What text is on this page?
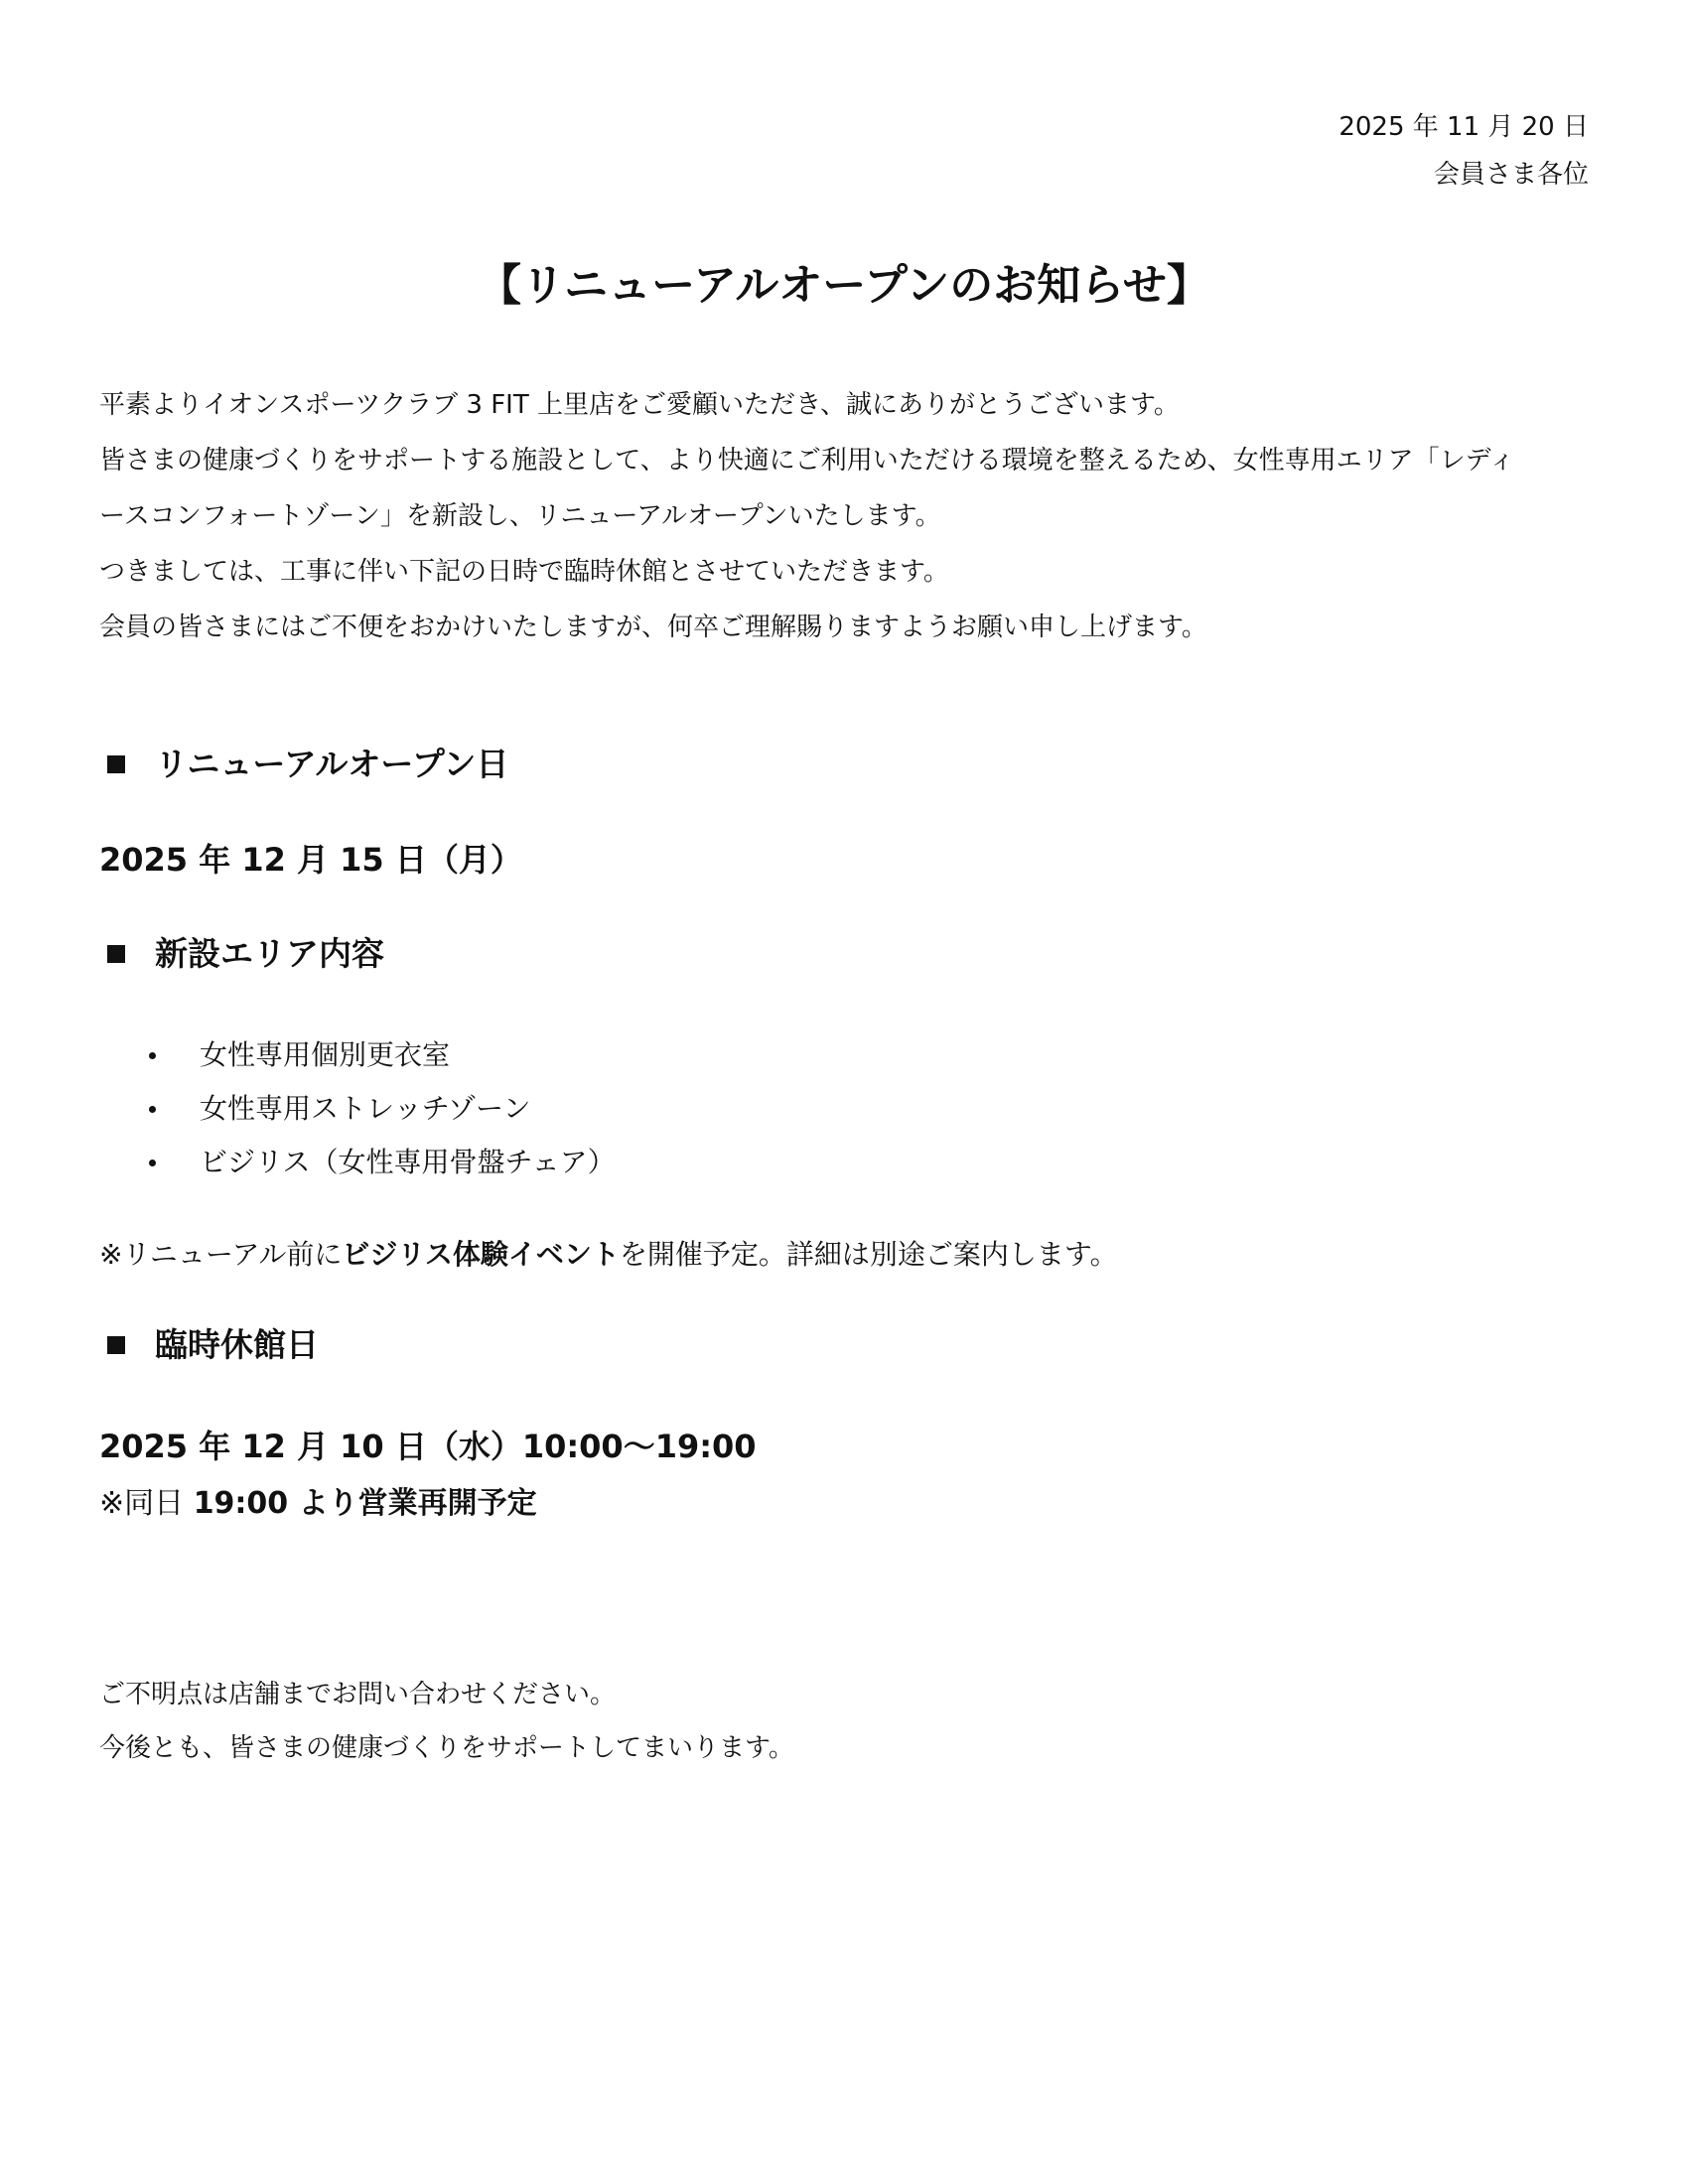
2025 年 11 月 20 日
会員さま各位
【リニューアルオープンのお知らせ】

平素よりイオンスポーツクラブ 3 FIT 上里店をご愛顧いただき、誠にありがとうございます。

皆さまの健康づくりをサポートする施設として、より快適にご利用いただける環境を整えるため、女性専用エリア「レディ

ースコンフォートゾーン」を新設し、リニューアルオープンいたします。

つきましては、工事に伴い下記の日時で臨時休館とさせていただきます。

会員の皆さまにはご不便をおかけいたしますが、何卒ご理解賜りますようお願い申し上げます。

リニューアルオープン日
2025 年 12 月 15 日（月）
新設エリア内容
女性専用個別更衣室
女性専用ストレッチゾーン
ビジリス（女性専用骨盤チェア）
※リニューアル前にビジリス体験イベントを開催予定。詳細は別途ご案内します。
臨時休館日
2025 年 12 月 10 日（水）10:00～19:00
※同日 19:00 より営業再開予定

ご不明点は店舗までお問い合わせください。

今後とも、皆さまの健康づくりをサポートしてまいります。
